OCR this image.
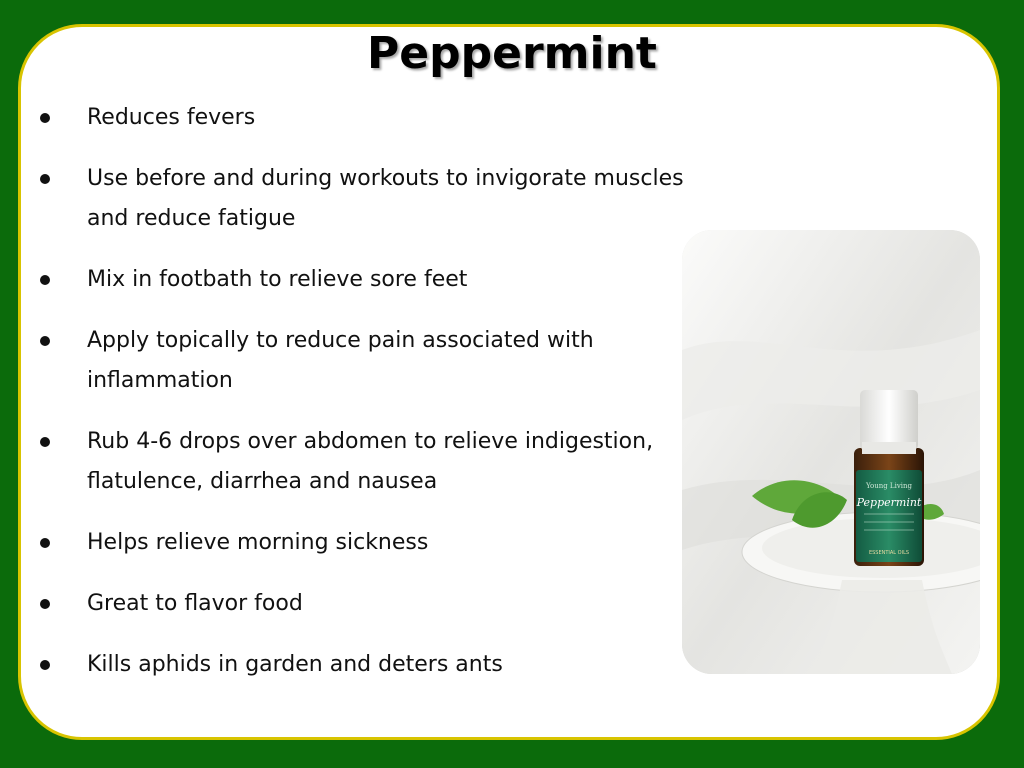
Peppermint
Reduces fevers
Use before and during workouts to invigorate muscles and reduce fatigue
Mix in footbath to relieve sore feet
Apply topically to reduce pain associated with inflammation
Rub 4-6 drops over abdomen to relieve indigestion, flatulence, diarrhea and nausea
Helps relieve morning sickness
Great to flavor food
Kills aphids in garden and deters ants
Young Living
Peppermint
ESSENTIAL OILS
